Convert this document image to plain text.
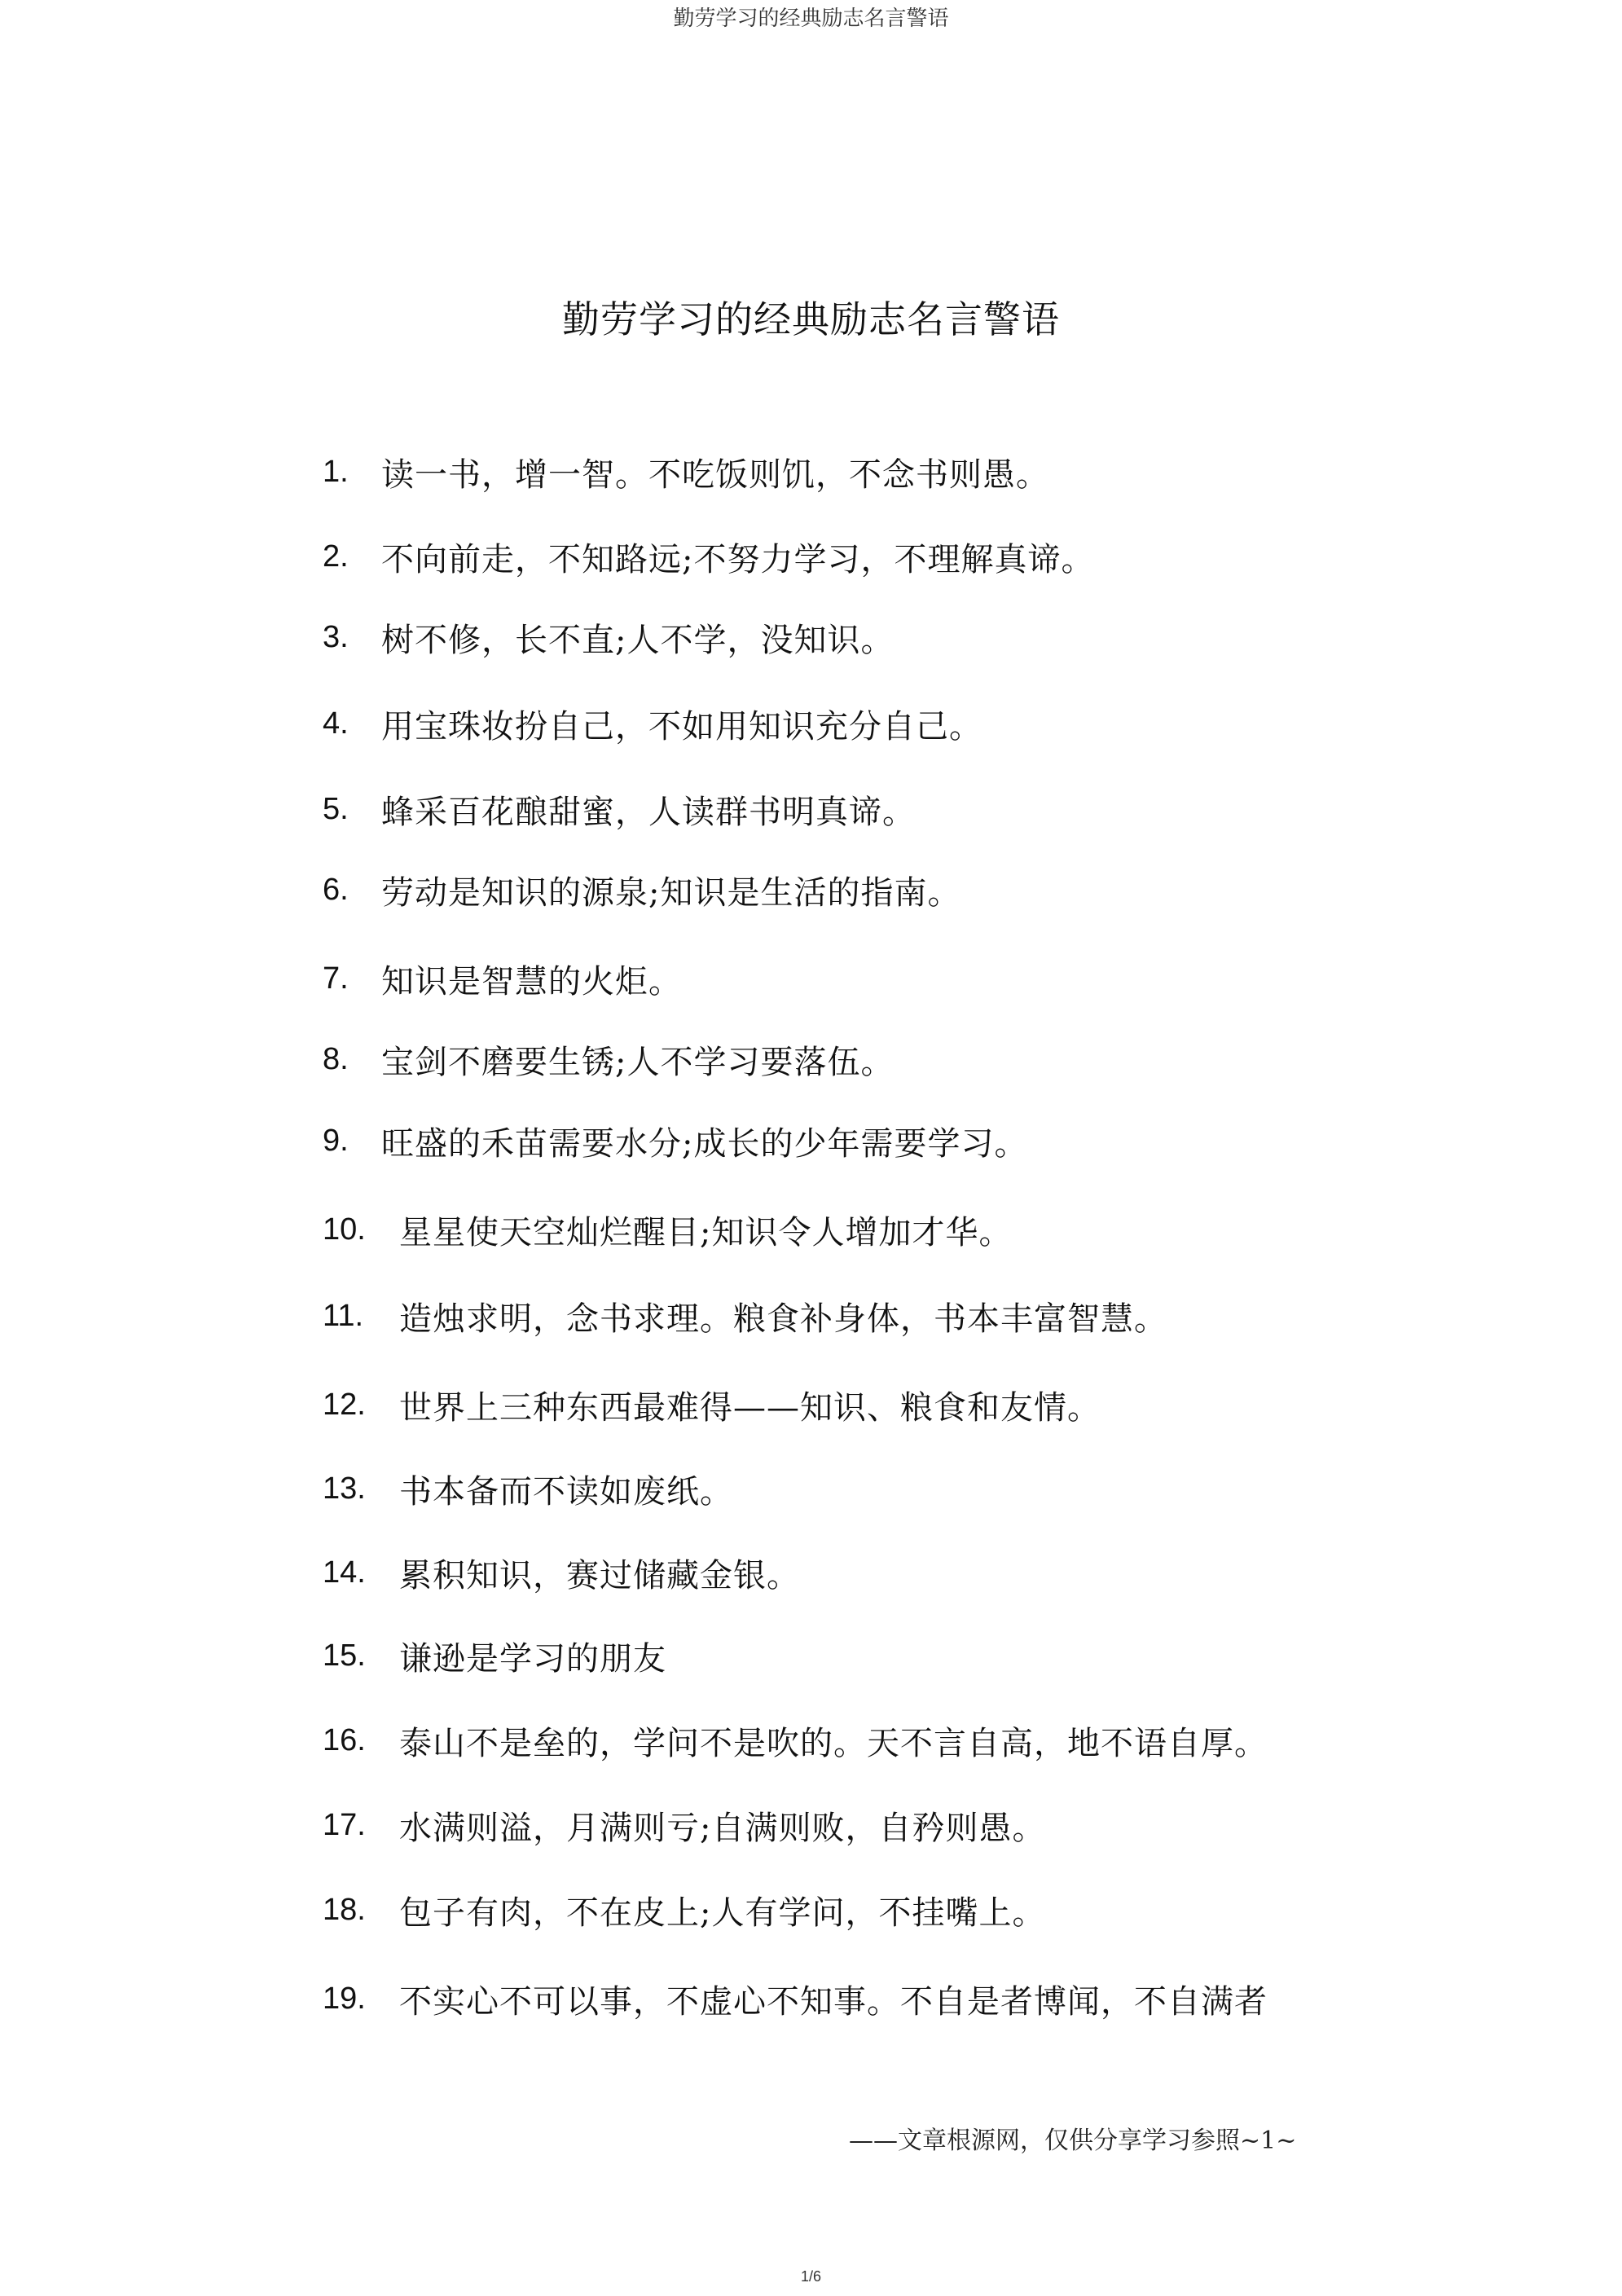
勤劳学习的经典励志名言警语
勤劳学习的经典励志名言警语
1.	读一书，增一智。不吃饭则饥，不念书则愚。
2.	不向前走，不知路远;不努力学习，不理解真谛。
3.	树不修，长不直;人不学，没知识。
4.	用宝珠妆扮自己，不如用知识充分自己。
5.	蜂采百花酿甜蜜，人读群书明真谛。
6.	劳动是知识的源泉;知识是生活的指南。
7.	知识是智慧的火炬。
8.	宝剑不磨要生锈;人不学习要落伍。
9.	旺盛的禾苗需要水分;成长的少年需要学习。
10.	星星使天空灿烂醒目;知识令人增加才华。
11.	造烛求明，念书求理。粮食补身体，书本丰富智慧。
12.	世界上三种东西最难得——知识、粮食和友情。
13.	书本备而不读如废纸。
14.	累积知识，赛过储藏金银。
15.	谦逊是学习的朋友
16.	泰山不是垒的，学问不是吹的。天不言自高，地不语自厚。
17.	水满则溢，月满则亏;自满则败，自矜则愚。
18.	包子有肉，不在皮上;人有学问，不挂嘴上。
19.	不实心不可以事，不虚心不知事。不自是者博闻，不自满者
——文章根源网，仅供分享学习参照~1~
1/6
